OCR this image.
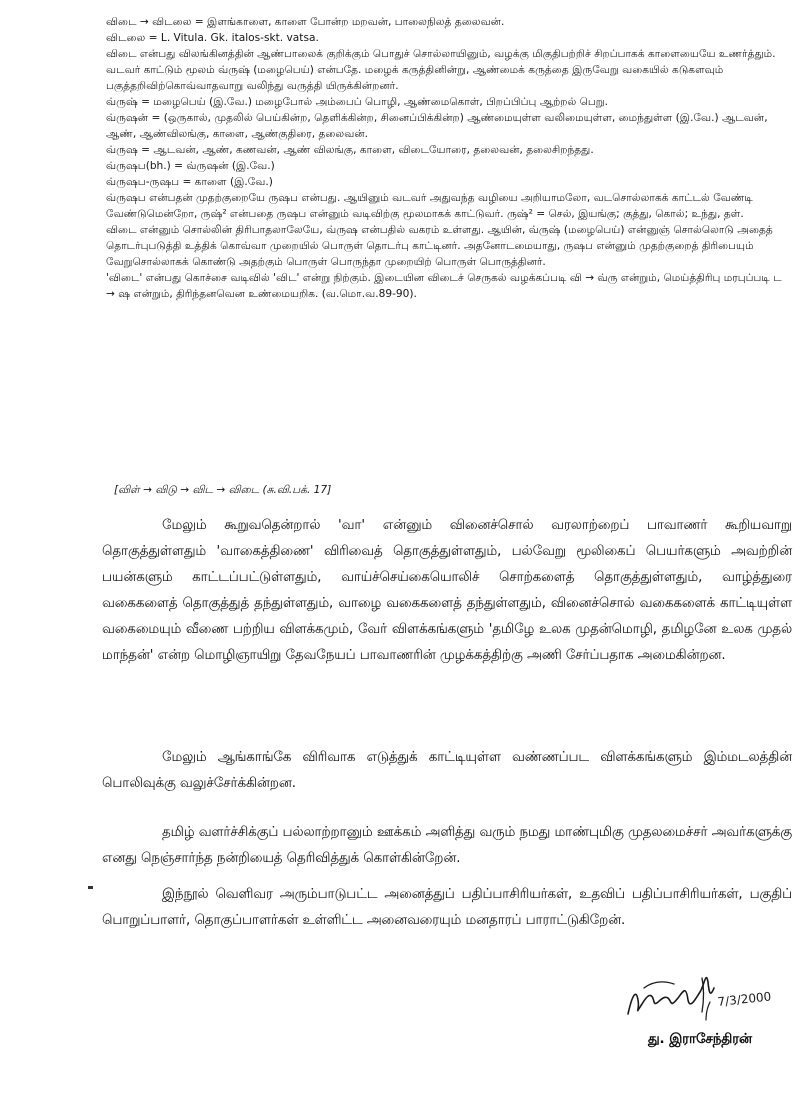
விடை → விடலை = இளங்காளை, காளை போன்ற மறவன், பாலைநிலத் தலைவன்.

விடலை = L. Vitula. Gk. italos-skt. vatsa.

விடை என்பது விலங்கினத்தின் ஆண்பாலைக் குறிக்கும் பொதுச் சொல்லாயினும், வழக்கு மிகுதிபற்றிச் சிறப்பாகக் காளையையே உணர்த்தும்.

வடவர் காட்டும் மூலம் வ்ருஷ் (மழைபெய்) என்பதே. மழைக் கருத்தினின்று, ஆண்மைக் கருத்தை இருவேறு வகையில் கடுகளவும் பகுத்தறிவிற்கொவ்வாதவாறு வலிந்து வருத்தி யிருக்கின்றனர்.

வ்ருஷ் = மழைபெய் (இ.வே.) மழைபோல் அம்பைப் பொழி, ஆண்மைகொள், பிறப்பிப்பு ஆற்றல் பெறு.

வ்ருஷன் = (ஒருகால், முதலில் பெய்கின்ற, தெளிக்கின்ற, சினைப்பிக்கின்ற) ஆண்மையுள்ள வலிமையுள்ள, மைந்துள்ள (இ.வே.) ஆடவன், ஆண், ஆண்விலங்கு, காளை, ஆண்குதிரை, தலைவன்.

வ்ருஷ = ஆடவன், ஆண், கணவன், ஆண் விலங்கு, காளை, விடையோரை, தலைவன், தலைசிறந்தது.

வ்ருஷப(bh.) = வ்ருஷன் (இ.வே.)

வ்ருஷப-ருஷப = காளை (இ.வே.)

வ்ருஷப என்பதன் முதற்குறையே ருஷப என்பது. ஆயினும் வடவர் அதுவந்த வழியை அறியாமலோ, வடசொல்லாகக் காட்டல் வேண்டி வேண்டுமென்றோ, ருஷ்² என்பதை ருஷப என்னும் வடிவிற்கு மூலமாகக் காட்டுவர். ருஷ்² = செல், இயங்கு; குத்து, கொல்; உந்து, தள்.

விடை என்னும் சொல்லின் திரிபாதலாலேயே, வ்ருஷ என்பதில் வகரம் உள்ளது. ஆயின், வ்ருஷ் (மழைபெய்) என்னுஞ் சொல்லொடு அதைத் தொடர்புபடுத்தி உத்திக் கொவ்வா முறையில் பொருள் தொடர்பு காட்டினர். அதனோடமையாது, ருஷப என்னும் முதற்குறைத் திரிபையும் வேறுசொல்லாகக் கொண்டு அதற்கும் பொருள் பொருந்தா முறையிற் பொருள் பொருத்தினர்.

'விடை' என்பது கொச்சை வடிவில் 'விட' என்று நிற்கும். இடையின விடைச் செருகல் வழக்கப்படி வி → வ்ரு என்றும், மெய்த்திரிபு மரபுப்படி ட → ஷ என்றும், திரிந்தனவென உண்மையறிக. (வ.மொ.வ.89-90).

[விள் → விடு → விட → விடை (சு.வி.பக். 17]

மேலும் கூறுவதென்றால் 'வா' என்னும் வினைச்சொல் வரலாற்றைப் பாவாணர் கூறியவாறு தொகுத்துள்ளதும் 'வாகைத்திணை' விரிவைத் தொகுத்துள்ளதும், பல்வேறு மூலிகைப் பெயர்களும் அவற்றின் பயன்களும் காட்டப்பட்டுள்ளதும், வாய்ச்செய்கையொலிச் சொற்களைத் தொகுத்துள்ளதும், வாழ்த்துரை வகைகளைத் தொகுத்துத் தந்துள்ளதும், வாழை வகைகளைத் தந்துள்ளதும், வினைச்சொல் வகைகளைக் காட்டியுள்ள வகைமையும் வீணை பற்றிய விளக்கமும், வேர் விளக்கங்களும் 'தமிழே உலக முதன்மொழி, தமிழனே உலக முதல் மாந்தன்' என்ற மொழிஞாயிறு தேவநேயப் பாவாணரின் முழக்கத்திற்கு அணி சேர்ப்பதாக அமைகின்றன.

மேலும் ஆங்காங்கே விரிவாக எடுத்துக் காட்டியுள்ள வண்ணப்பட விளக்கங்களும் இம்மடலத்தின் பொலிவுக்கு வலுச்சேர்க்கின்றன.

தமிழ் வளர்ச்சிக்குப் பல்லாற்றானும் ஊக்கம் அளித்து வரும் நமது மாண்புமிகு முதலமைச்சர் அவர்களுக்கு எனது நெஞ்சார்ந்த நன்றியைத் தெரிவித்துக் கொள்கின்றேன்.

இந்நூல் வெளிவர அரும்பாடுபட்ட அனைத்துப் பதிப்பாசிரியர்கள், உதவிப் பதிப்பாசிரியர்கள், பகுதிப் பொறுப்பாளர், தொகுப்பாளர்கள் உள்ளிட்ட அனைவரையும் மனதாரப் பாராட்டுகிறேன்.

7/3/2000
து. இராசேந்திரன்
